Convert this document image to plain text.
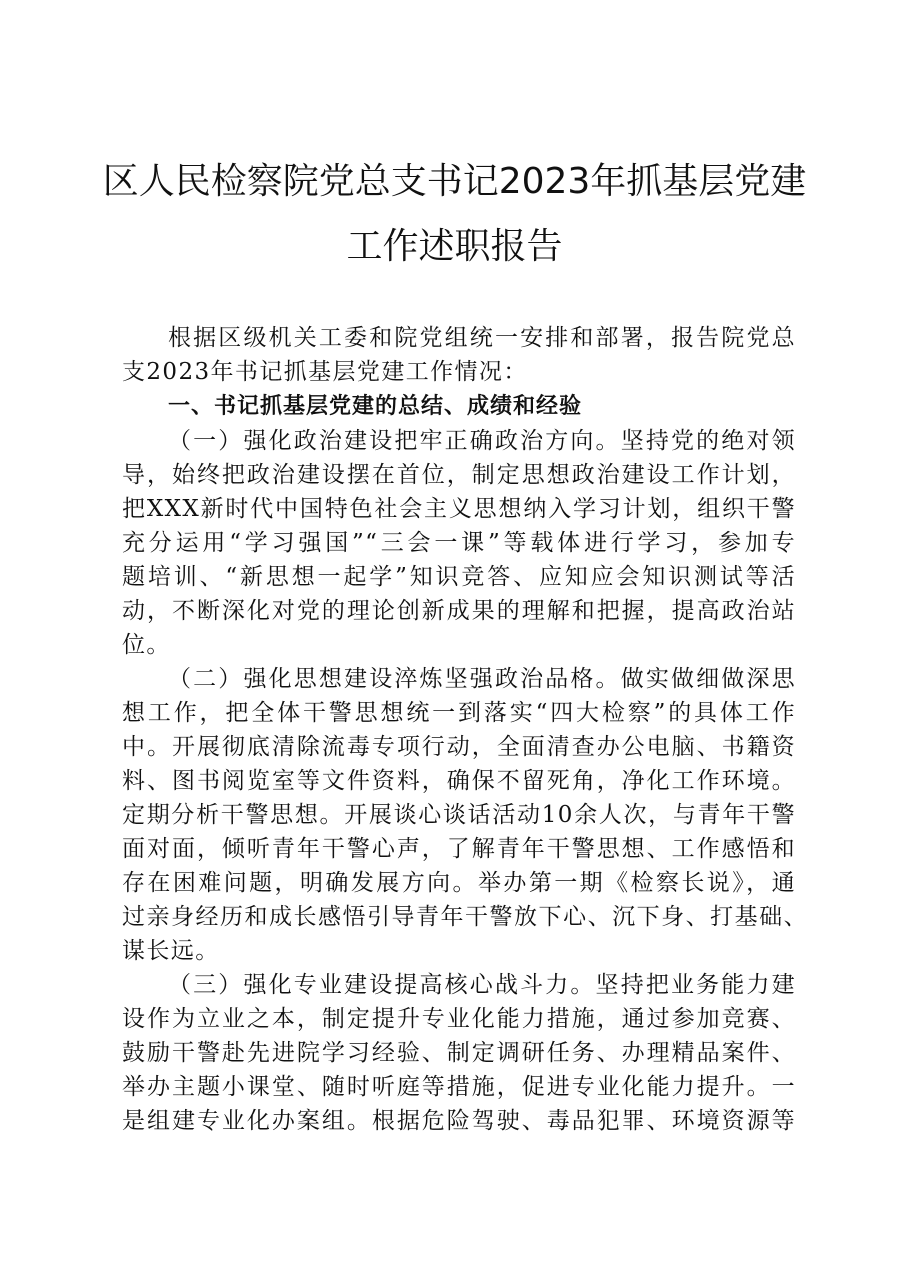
区人民检察院党总支书记2023年抓基层党建
工作述职报告

根据区级机关工委和院党组统一安排和部署，报告院党总

支2023年书记抓基层党建工作情况：

一、书记抓基层党建的总结、成绩和经验

（一）强化政治建设把牢正确政治方向。坚持党的绝对领

导，始终把政治建设摆在首位，制定思想政治建设工作计划，

把XXX新时代中国特色社会主义思想纳入学习计划，组织干警

充分运用“学习强国”“三会一课”等载体进行学习，参加专

题培训、“新思想一起学”知识竞答、应知应会知识测试等活

动，不断深化对党的理论创新成果的理解和把握，提高政治站

位。

（二）强化思想建设淬炼坚强政治品格。做实做细做深思

想工作，把全体干警思想统一到落实“四大检察”的具体工作

中。开展彻底清除流毒专项行动，全面清查办公电脑、书籍资

料、图书阅览室等文件资料，确保不留死角，净化工作环境。

定期分析干警思想。开展谈心谈话活动10余人次，与青年干警

面对面，倾听青年干警心声，了解青年干警思想、工作感悟和

存在困难问题，明确发展方向。举办第一期《检察长说》，通

过亲身经历和成长感悟引导青年干警放下心、沉下身、打基础、

谋长远。

（三）强化专业建设提高核心战斗力。坚持把业务能力建

设作为立业之本，制定提升专业化能力措施，通过参加竞赛、

鼓励干警赴先进院学习经验、制定调研任务、办理精品案件、

举办主题小课堂、随时听庭等措施，促进专业化能力提升。一

是组建专业化办案组。根据危险驾驶、毒品犯罪、环境资源等
